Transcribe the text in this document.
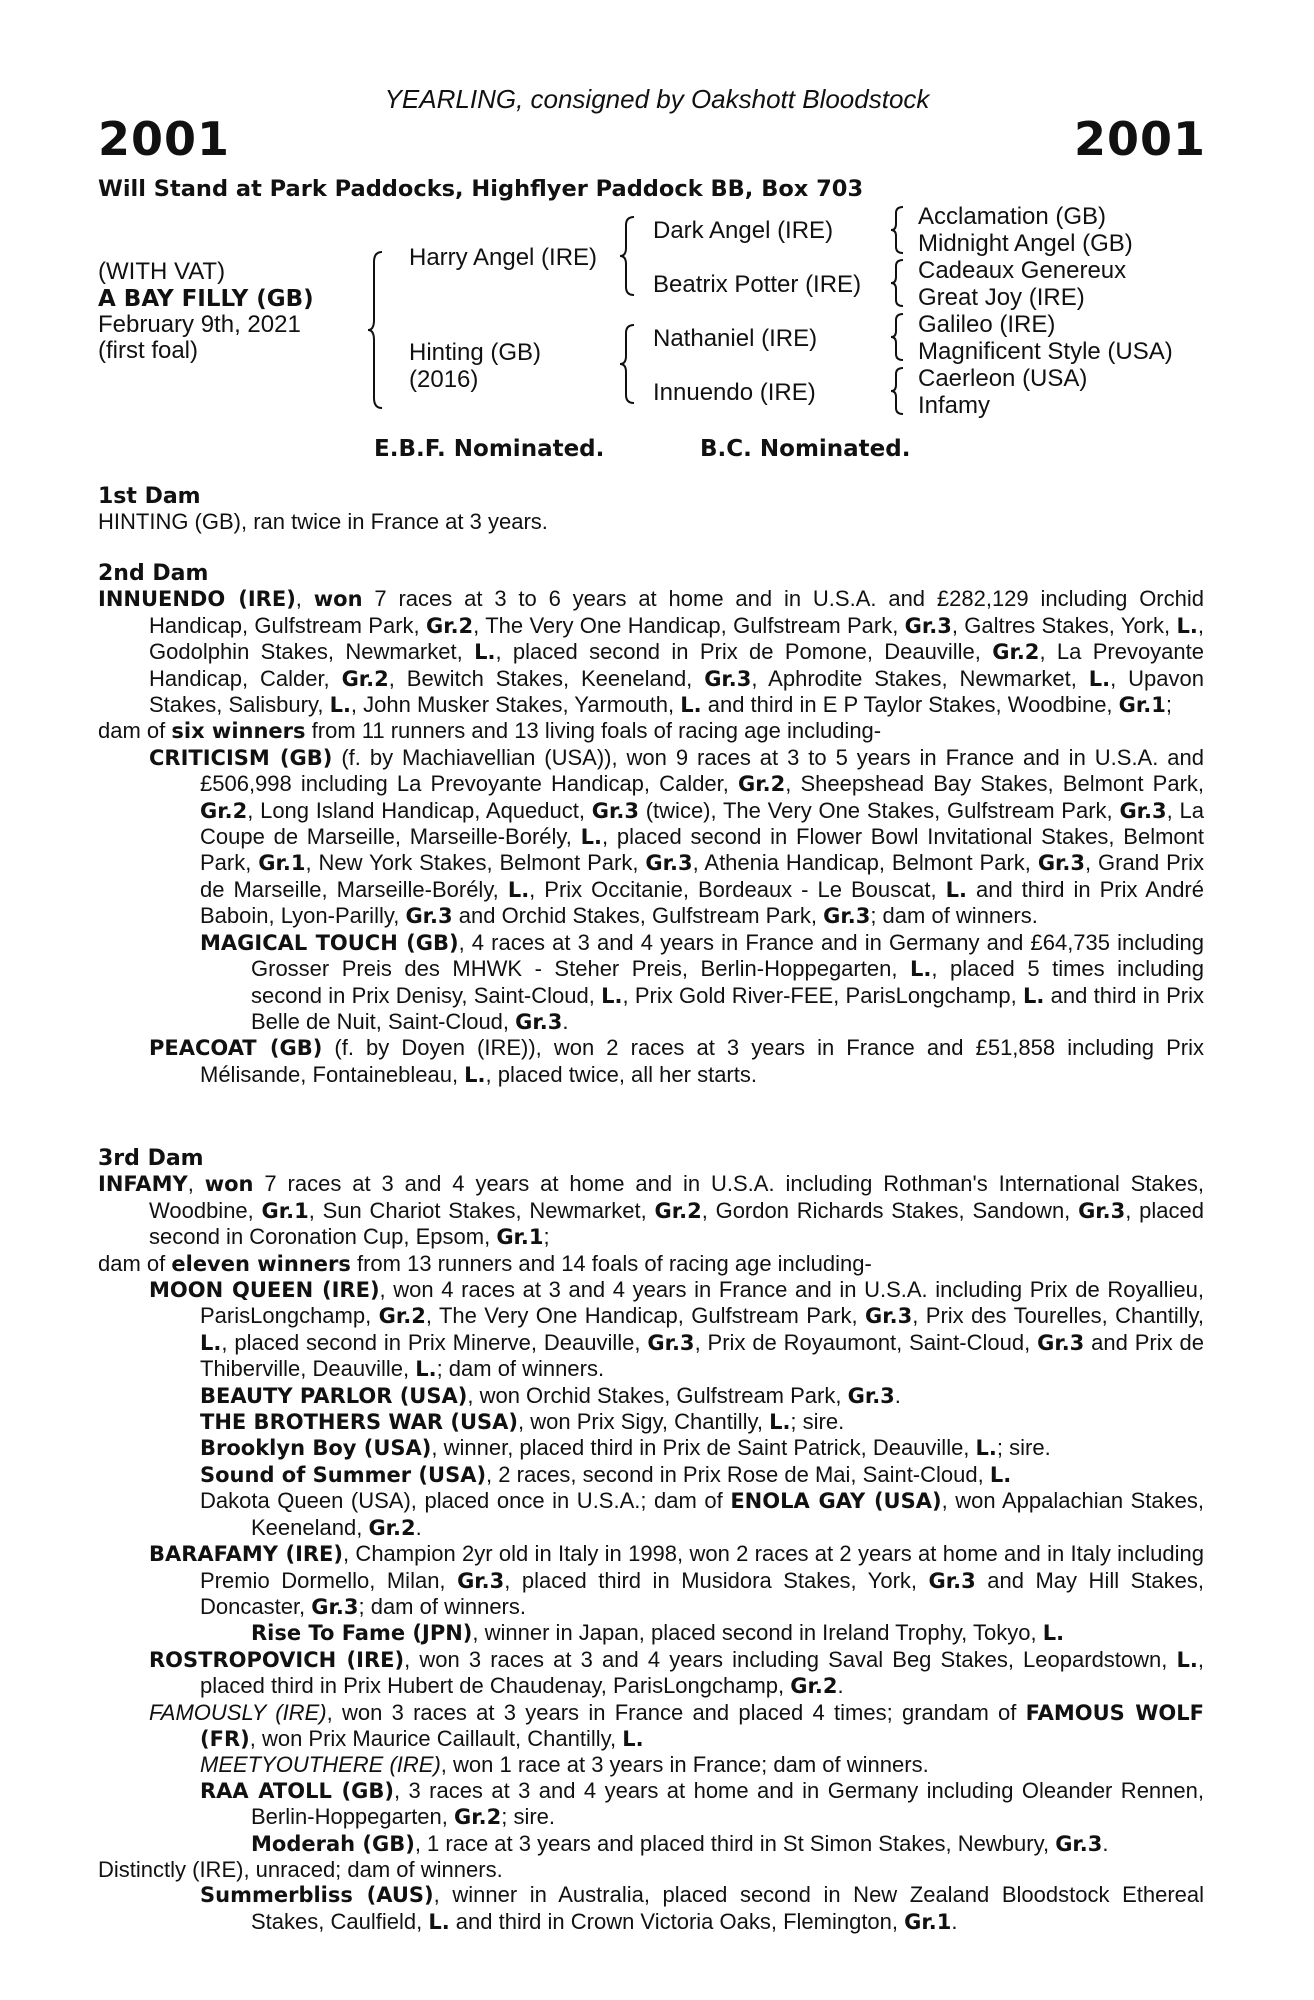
YEARLING, consigned by Oakshott Bloodstock
2001	2001
Will Stand at Park Paddocks, Highflyer Paddock BB, Box 703
(WITH VAT)
A BAY FILLY (GB)
February 9th, 2021
(first foal)
Harry Angel (IRE)
Hinting (GB)
(2016)
Dark Angel (IRE)
Beatrix Potter (IRE)
Nathaniel (IRE)
Innuendo (IRE)
Acclamation (GB)
Midnight Angel (GB)
Cadeaux Genereux
Great Joy (IRE)
Galileo (IRE)
Magnificent Style (USA)
Caerleon (USA)
Infamy
E.B.F. Nominated.	B.C. Nominated.
1st Dam

HINTING (GB), ran twice in France at 3 years.

2nd Dam

INNUENDO (IRE), won 7 races at 3 to 6 years at home and in U.S.A. and £282,129 including Orchid Handicap, Gulfstream Park, Gr.2, The Very One Handicap, Gulfstream Park, Gr.3, Galtres Stakes, York, L., Godolphin Stakes, Newmarket, L., placed second in Prix de Pomone, Deauville, Gr.2, La Prevoyante Handicap, Calder, Gr.2, Bewitch Stakes, Keeneland, Gr.3, Aphrodite Stakes, Newmarket, L., Upavon Stakes, Salisbury, L., John Musker Stakes, Yarmouth, L. and third in E P Taylor Stakes, Woodbine, Gr.1;

dam of six winners from 11 runners and 13 living foals of racing age including-

CRITICISM (GB) (f. by Machiavellian (USA)), won 9 races at 3 to 5 years in France and in U.S.A. and £506,998 including La Prevoyante Handicap, Calder, Gr.2, Sheepshead Bay Stakes, Belmont Park, Gr.2, Long Island Handicap, Aqueduct, Gr.3 (twice), The Very One Stakes, Gulfstream Park, Gr.3, La Coupe de Marseille, Marseille-Borély, L., placed second in Flower Bowl Invitational Stakes, Belmont Park, Gr.1, New York Stakes, Belmont Park, Gr.3, Athenia Handicap, Belmont Park, Gr.3, Grand Prix de Marseille, Marseille-Borély, L., Prix Occitanie, Bordeaux - Le Bouscat, L. and third in Prix André Baboin, Lyon-Parilly, Gr.3 and Orchid Stakes, Gulfstream Park, Gr.3; dam of winners.

MAGICAL TOUCH (GB), 4 races at 3 and 4 years in France and in Germany and £64,735 including Grosser Preis des MHWK - Steher Preis, Berlin-Hoppegarten, L., placed 5 times including second in Prix Denisy, Saint-Cloud, L., Prix Gold River-FEE, ParisLongchamp, L. and third in Prix Belle de Nuit, Saint-Cloud, Gr.3.

PEACOAT (GB) (f. by Doyen (IRE)), won 2 races at 3 years in France and £51,858 including Prix Mélisande, Fontainebleau, L., placed twice, all her starts.

3rd Dam

INFAMY, won 7 races at 3 and 4 years at home and in U.S.A. including Rothman's International Stakes, Woodbine, Gr.1, Sun Chariot Stakes, Newmarket, Gr.2, Gordon Richards Stakes, Sandown, Gr.3, placed second in Coronation Cup, Epsom, Gr.1;

dam of eleven winners from 13 runners and 14 foals of racing age including-

MOON QUEEN (IRE), won 4 races at 3 and 4 years in France and in U.S.A. including Prix de Royallieu, ParisLongchamp, Gr.2, The Very One Handicap, Gulfstream Park, Gr.3, Prix des Tourelles, Chantilly, L., placed second in Prix Minerve, Deauville, Gr.3, Prix de Royaumont, Saint-Cloud, Gr.3 and Prix de Thiberville, Deauville, L.; dam of winners.

BEAUTY PARLOR (USA), won Orchid Stakes, Gulfstream Park, Gr.3.

THE BROTHERS WAR (USA), won Prix Sigy, Chantilly, L.; sire.

Brooklyn Boy (USA), winner, placed third in Prix de Saint Patrick, Deauville, L.; sire.

Sound of Summer (USA), 2 races, second in Prix Rose de Mai, Saint-Cloud, L.

Dakota Queen (USA), placed once in U.S.A.; dam of ENOLA GAY (USA), won Appalachian Stakes, Keeneland, Gr.2.

BARAFAMY (IRE), Champion 2yr old in Italy in 1998, won 2 races at 2 years at home and in Italy including Premio Dormello, Milan, Gr.3, placed third in Musidora Stakes, York, Gr.3 and May Hill Stakes, Doncaster, Gr.3; dam of winners.

Rise To Fame (JPN), winner in Japan, placed second in Ireland Trophy, Tokyo, L.

ROSTROPOVICH (IRE), won 3 races at 3 and 4 years including Saval Beg Stakes, Leopardstown, L., placed third in Prix Hubert de Chaudenay, ParisLongchamp, Gr.2.

FAMOUSLY (IRE), won 3 races at 3 years in France and placed 4 times; grandam of FAMOUS WOLF (FR), won Prix Maurice Caillault, Chantilly, L.

MEETYOUTHERE (IRE), won 1 race at 3 years in France; dam of winners.

RAA ATOLL (GB), 3 races at 3 and 4 years at home and in Germany including Oleander Rennen, Berlin-Hoppegarten, Gr.2; sire.

Moderah (GB), 1 race at 3 years and placed third in St Simon Stakes, Newbury, Gr.3.

Distinctly (IRE), unraced; dam of winners.

Summerbliss (AUS), winner in Australia, placed second in New Zealand Bloodstock Ethereal Stakes, Caulfield, L. and third in Crown Victoria Oaks, Flemington, Gr.1.
